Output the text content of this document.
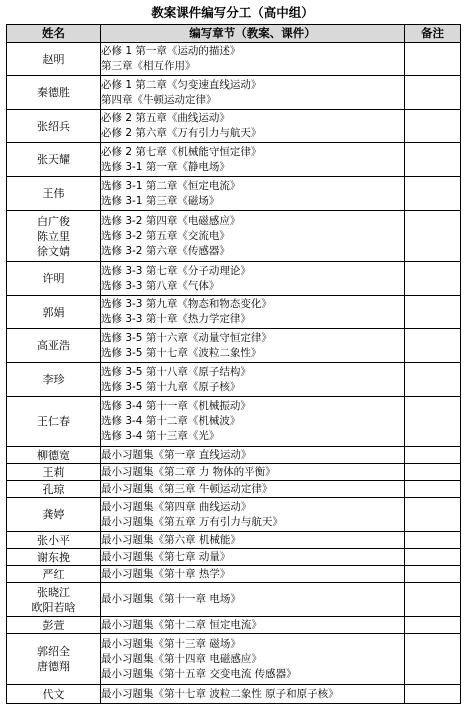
教案课件编写分工（高中组）
姓名	编写章节（教案、课件）	备注

赵明	必修 1 第一章《运动的描述》
第三章《相互作用》	

秦德胜	必修 1 第二章《匀变速直线运动》
第四章《牛顿运动定律》	

张绍兵	必修 2 第五章《曲线运动》
必修 2 第六章《万有引力与航天》	

张天耀	必修 2 第七章《机械能守恒定律》
选修 3-1 第一章《静电场》	

王伟	选修 3-1 第二章《恒定电流》
选修 3-1 第三章《磁场》	

白广俊
陈立里
徐文婧	选修 3-2 第四章《电磁感应》
选修 3-2 第五章《交流电》
选修 3-2 第六章《传感器》	

许明	选修 3-3 第七章《分子动理论》
选修 3-3 第八章《气体》	

郭娟	选修 3-3 第九章《物态和物态变化》
选修 3-3 第十章《热力学定律》	

高亚浩	选修 3-5 第十六章《动量守恒定律》
选修 3-5 第十七章《波粒二象性》	

李珍	选修 3-5 第十八章《原子结构》
选修 3-5 第十九章《原子核》	

王仁春	选修 3-4 第十一章《机械振动》
选修 3-4 第十二章《机械波》
选修 3-4 第十三章《光》	

柳德宽	最小习题集《第一章 直线运动》	

王莉	最小习题集《第二章 力 物体的平衡》	

孔琼	最小习题集《第三章 牛顿运动定律》	

龚婷	最小习题集《第四章 曲线运动》
最小习题集《第五章 万有引力与航天》	

张小平	最小习题集《第六章 机械能》	

谢东挽	最小习题集《第七章 动量》	

严红	最小习题集《第十章 热学》	

张晓江
欧阳若晗	最小习题集《第十一章 电场》	

彭萱	最小习题集《第十二章 恒定电流》	

郭绍全
唐德翔	最小习题集《第十三章 磁场》
最小习题集《第十四章 电磁感应》
最小习题集《第十五章 交变电流 传感器》	

代文	最小习题集《第十七章 波粒二象性 原子和原子核》	
